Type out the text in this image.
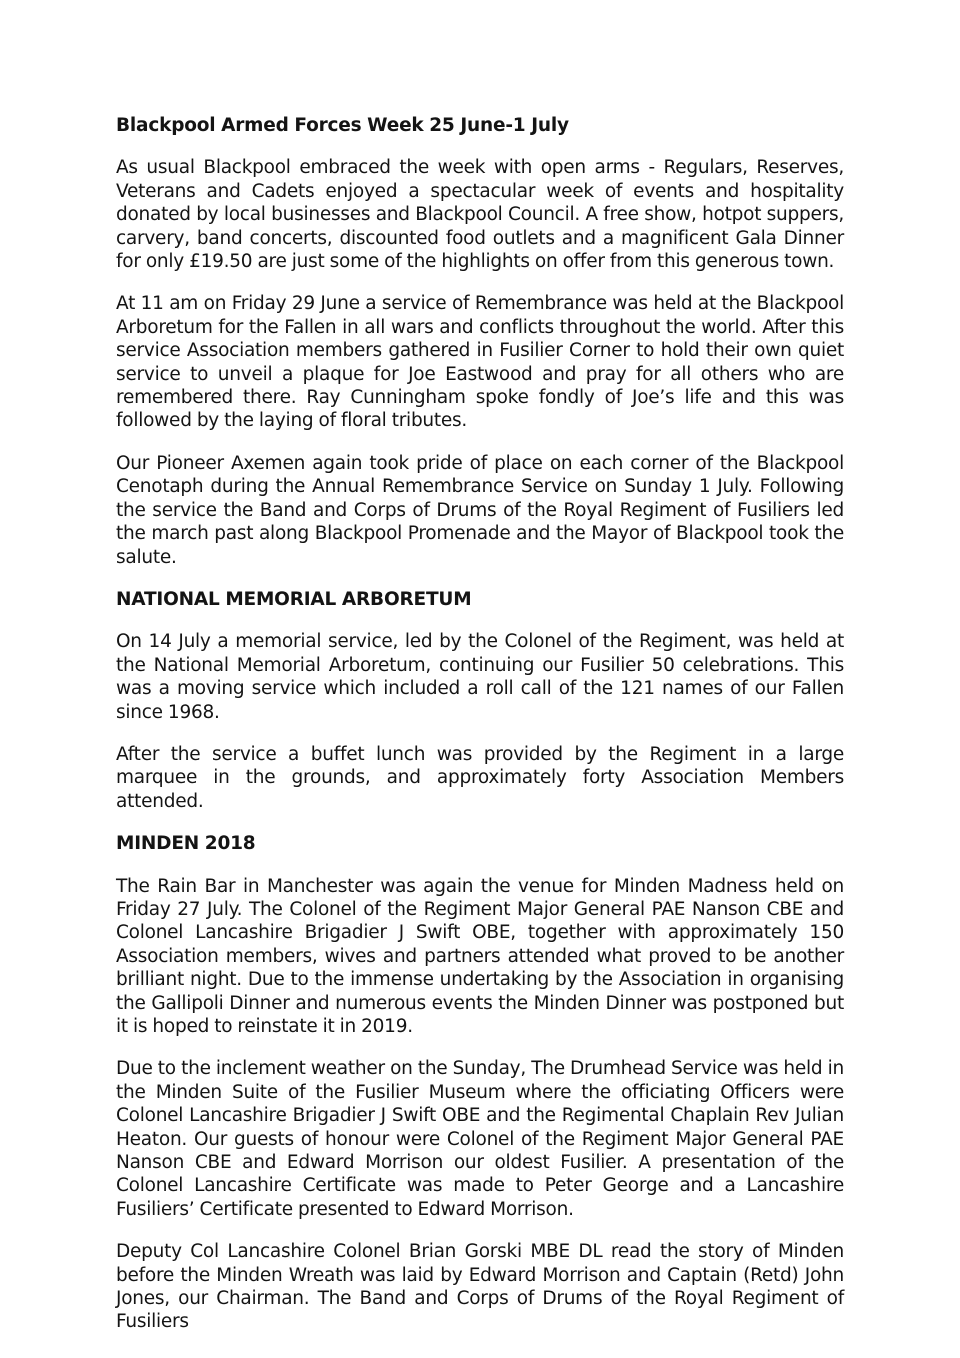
Blackpool Armed Forces Week 25 June-1 July

As usual Blackpool embraced the week with open arms - Regulars, Reserves, Veterans and Cadets enjoyed a spectacular week of events and hospitality donated by local businesses and Blackpool Council. A free show, hotpot suppers, carvery, band concerts, discounted food outlets and a magnificent Gala Dinner for only £19.50 are just some of the highlights on offer from this generous town.

At 11 am on Friday 29 June a service of Remembrance was held at the Blackpool Arboretum for the Fallen in all wars and conflicts throughout the world. After this service Association members gathered in Fusilier Corner to hold their own quiet service to unveil a plaque for Joe Eastwood and pray for all others who are remembered there. Ray Cunningham spoke fondly of Joe’s life and this was followed by the laying of floral tributes.

Our Pioneer Axemen again took pride of place on each corner of the Blackpool Cenotaph during the Annual Remembrance Service on Sunday 1 July. Following the service the Band and Corps of Drums of the Royal Regiment of Fusiliers led the march past along Blackpool Promenade and the Mayor of Blackpool took the salute.

NATIONAL MEMORIAL ARBORETUM

On 14 July a memorial service, led by the Colonel of the Regiment, was held at the National Memorial Arboretum, continuing our Fusilier 50 celebrations. This was a moving service which included a roll call of the 121 names of our Fallen since 1968.

After the service a buffet lunch was provided by the Regiment in a large marquee in the grounds, and approximately forty Association Members attended.

MINDEN 2018

The Rain Bar in Manchester was again the venue for Minden Madness held on Friday 27 July. The Colonel of the Regiment Major General PAE Nanson CBE and Colonel Lancashire Brigadier J Swift OBE, together with approximately 150 Association members, wives and partners attended what proved to be another brilliant night. Due to the immense undertaking by the Association in organising the Gallipoli Dinner and numerous events the Minden Dinner was postponed but it is hoped to reinstate it in 2019.

Due to the inclement weather on the Sunday, The Drumhead Service was held in the Minden Suite of the Fusilier Museum where the officiating Officers were Colonel Lancashire Brigadier J Swift OBE and the Regimental Chaplain Rev Julian Heaton. Our guests of honour were Colonel of the Regiment Major General PAE Nanson CBE and Edward Morrison our oldest Fusilier. A presentation of the Colonel Lancashire Certificate was made to Peter George and a Lancashire Fusiliers’ Certificate presented to Edward Morrison.

Deputy Col Lancashire Colonel Brian Gorski MBE DL read the story of Minden before the Minden Wreath was laid by Edward Morrison and Captain (Retd) John Jones, our Chairman. The Band and Corps of Drums of the Royal Regiment of Fusiliers
